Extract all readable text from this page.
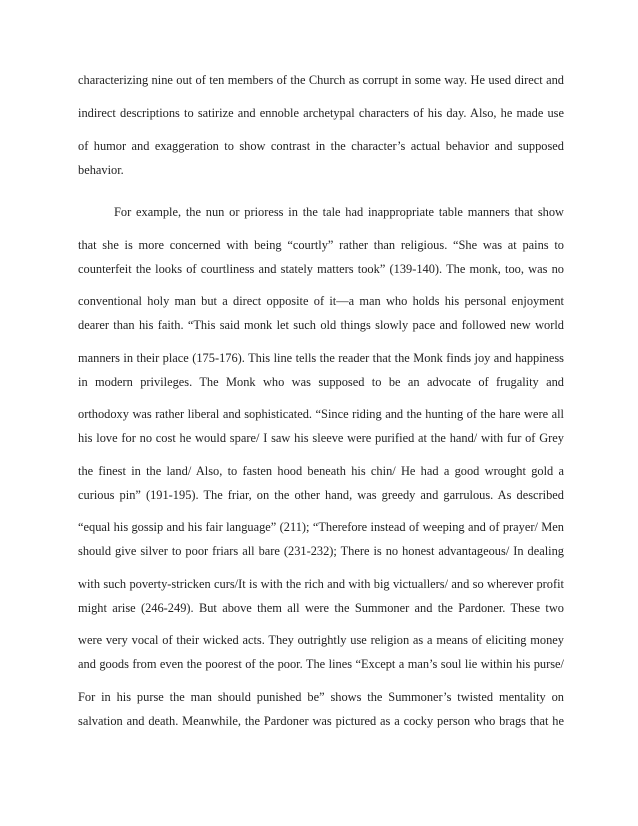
characterizing nine out of ten members of the Church as corrupt in some way. He used direct and
indirect descriptions to satirize and ennoble archetypal characters of his day. Also, he made use
of humor and exaggeration to show contrast in the character’s actual behavior and supposed
behavior.
For example, the nun or prioress in the tale had inappropriate table manners that show
that she is more concerned with being “courtly” rather than religious. “She was at pains to
counterfeit the looks of courtliness and stately matters took” (139-140). The monk, too, was no
conventional holy man but a direct opposite of it—a man who holds his personal enjoyment
dearer than his faith. “This said monk let such old things slowly pace and followed new world
manners in their place (175-176). This line tells the reader that the Monk finds joy and happiness
in modern privileges. The Monk who was supposed to be an advocate of frugality and
orthodoxy was rather liberal and sophisticated. “Since riding and the hunting of the hare were all
his love for no cost he would spare/ I saw his sleeve were purified at the hand/ with fur of Grey
the finest in the land/ Also, to fasten hood beneath his chin/ He had a good wrought gold a
curious pin” (191-195). The friar, on the other hand, was greedy and garrulous. As described
“equal his gossip and his fair language” (211); “Therefore instead of weeping and of prayer/ Men
should give silver to poor friars all bare (231-232); There is no honest advantageous/ In dealing
with such poverty-stricken curs/It is with the rich and with big victuallers/ and so wherever profit
might arise (246-249). But above them all were the Summoner and the Pardoner. These two
were very vocal of their wicked acts. They outrightly use religion as a means of eliciting money
and goods from even the poorest of the poor. The lines “Except a man’s soul lie within his purse/
For in his purse the man should punished be” shows the Summoner’s twisted mentality on
salvation and death. Meanwhile, the Pardoner was pictured as a cocky person who brags that he
